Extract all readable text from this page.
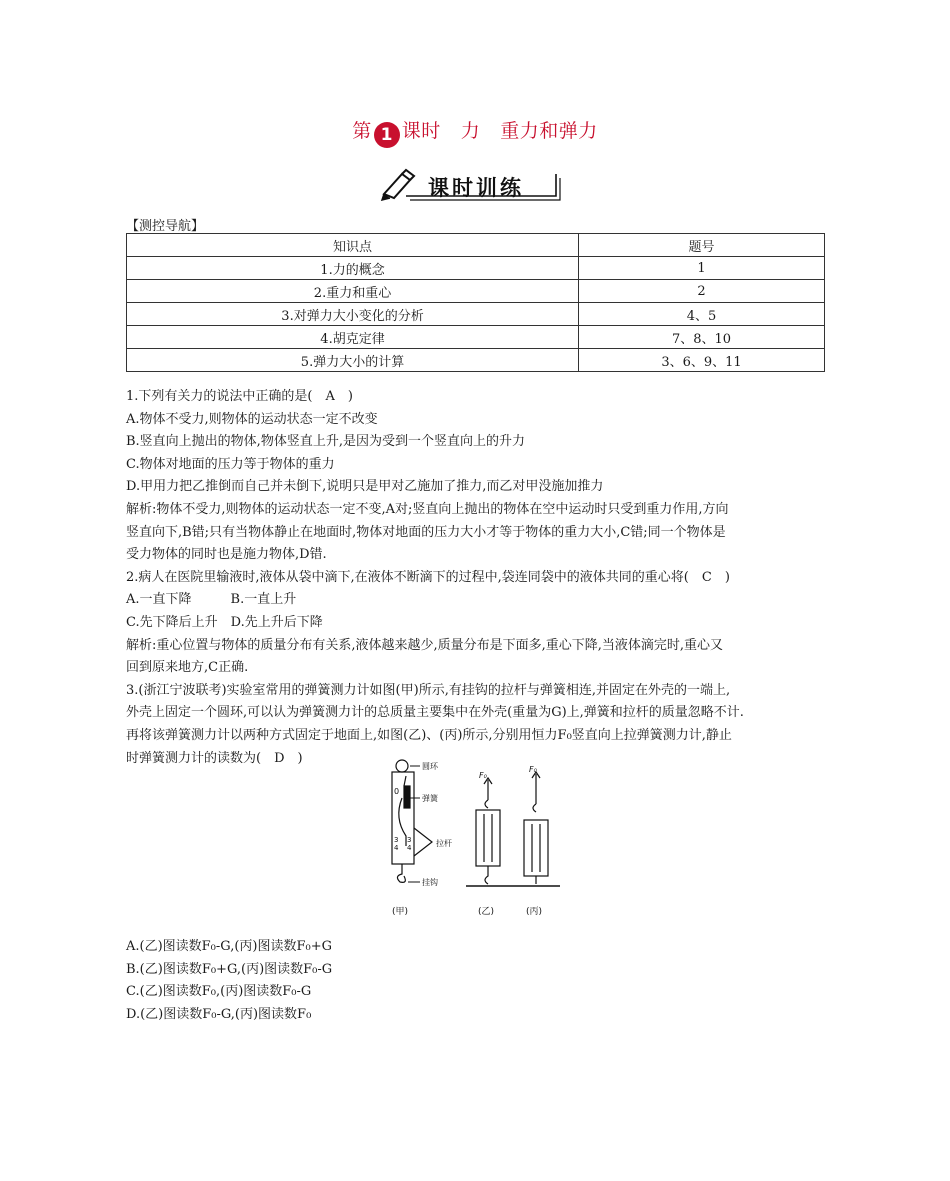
第 1 课时 力 重力和弹力
课时训练
【测控导航】
知识点	题号
1.力的概念	1
2.重力和重心	2
3.对弹力大小变化的分析	4、5
4.胡克定律	7、8、10
5.弹力大小的计算	3、6、9、11

1.下列有关力的说法中正确的是(　A　)

A.物体不受力,则物体的运动状态一定不改变

B.竖直向上抛出的物体,物体竖直上升,是因为受到一个竖直向上的升力

C.物体对地面的压力等于物体的重力

D.甲用力把乙推倒而自己并未倒下,说明只是甲对乙施加了推力,而乙对甲没施加推力

解析:物体不受力,则物体的运动状态一定不变,A对;竖直向上抛出的物体在空中运动时只受到重力作用,方向

竖直向下,B错;只有当物体静止在地面时,物体对地面的压力大小才等于物体的重力大小,C错;同一个物体是

受力物体的同时也是施力物体,D错.

2.病人在医院里输液时,液体从袋中滴下,在液体不断滴下的过程中,袋连同袋中的液体共同的重心将(　C　)

A.一直下降　　　B.一直上升

C.先下降后上升　D.先上升后下降

解析:重心位置与物体的质量分布有关系,液体越来越少,质量分布是下面多,重心下降,当液体滴完时,重心又

回到原来地方,C正确.

3.(浙江宁波联考)实验室常用的弹簧测力计如图(甲)所示,有挂钩的拉杆与弹簧相连,并固定在外壳的一端上,

外壳上固定一个圆环,可以认为弹簧测力计的总质量主要集中在外壳(重量为G)上,弹簧和拉杆的质量忽略不计.

再将该弹簧测力计以两种方式固定于地面上,如图(乙)、(丙)所示,分别用恒力F₀竖直向上拉弹簧测力计,静止

时弹簧测力计的读数为(　D　)

0
3
4
3
4
圆环
弹簧
拉杆
挂钩
F₀
F₀
(甲)	(乙)	(丙)

A.(乙)图读数F₀-G,(丙)图读数F₀+G

B.(乙)图读数F₀+G,(丙)图读数F₀-G

C.(乙)图读数F₀,(丙)图读数F₀-G

D.(乙)图读数F₀-G,(丙)图读数F₀
